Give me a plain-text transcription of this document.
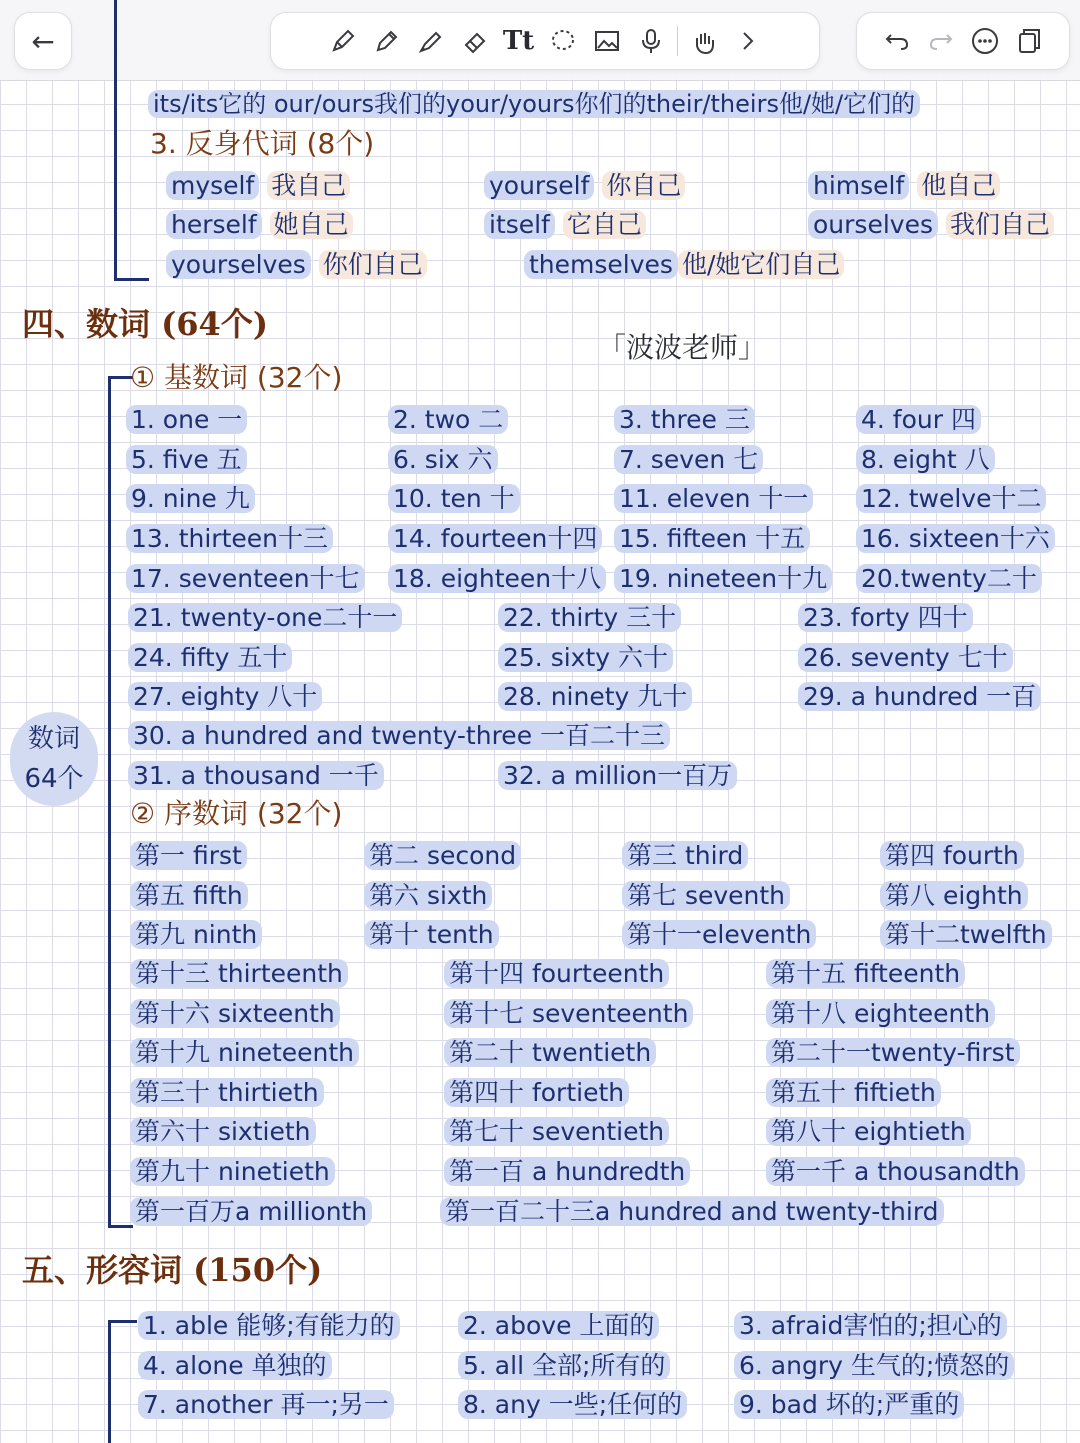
←	Tt
its/its它的 our/ours我们的your/yours你们的their/theirs他/她/它们的
3. 反身代词 (8个)
myself 我自己	yourself 你自己	himself 他自己
herself 她自己	itself 它自己	ourselves 我们自己
yourselves 你们自己	themselves 他/她它们自己
四、数词 (64个)
「波波老师」
数词
64个
① 基数词 (32个)
1. one 一	2. two 二	3. three 三	4. four 四
5. five 五	6. six 六	7. seven 七	8. eight 八
9. nine 九	10. ten 十	11. eleven 十一 12. twelve十二
13. thirteen十三	14. fourteen十四 15. fifteen 十五 16. sixteen十六
17. seventeen十七 18. eighteen十八 19. nineteen十九 20.twenty二十
21. twenty-one二十一	22. thirty 三十	23. forty 四十
24. fifty 五十	25. sixty 六十	26. seventy 七十
27. eighty 八十	28. ninety 九十	29. a hundred 一百
30. a hundred and twenty-three 一百二十三
31. a thousand 一千	32. a million一百万
② 序数词 (32个)
第一 first	第二 second	第三 third	第四 fourth
第五 fifth	第六 sixth	第七 seventh	第八 eighth
第九 ninth	第十 tenth	第十一eleventh	第十二twelfth
第十三 thirteenth	第十四 fourteenth	第十五 fifteenth
第十六 sixteenth	第十七 seventeenth	第十八 eighteenth
第十九 nineteenth	第二十 twentieth	第二十一twenty-first
第三十 thirtieth	第四十 fortieth	第五十 fiftieth
第六十 sixtieth	第七十 seventieth	第八十 eightieth
第九十 ninetieth	第一百 a hundredth	第一千 a thousandth
第一百万a millionth	第一百二十三a hundred and twenty-third
五、形容词 (150个)
1. able 能够;有能力的	2. above 上面的	3. afraid害怕的;担心的
4. alone 单独的	5. all 全部;所有的	6. angry 生气的;愤怒的
7. another 再一;另一	8. any 一些;任何的 9. bad 坏的;严重的
